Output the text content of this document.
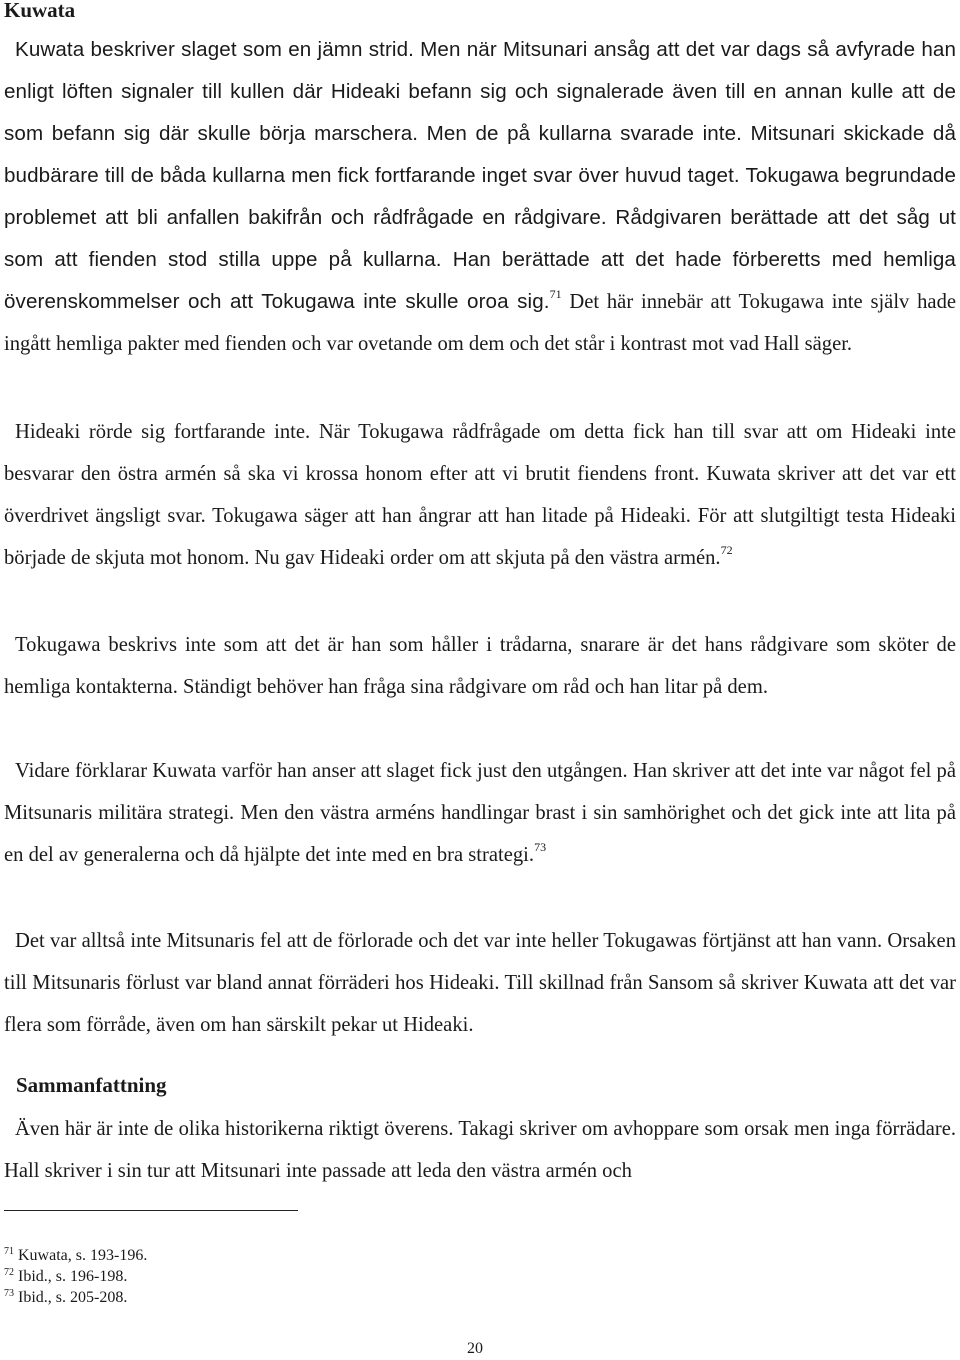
Kuwata

Kuwata beskriver slaget som en jämn strid. Men när Mitsunari ansåg att det var dags så avfyrade han enligt löften signaler till kullen där Hideaki befann sig och signalerade även till en annan kulle att de som befann sig där skulle börja marschera. Men de på kullarna svarade inte. Mitsunari skickade då budbärare till de båda kullarna men fick fortfarande inget svar över huvud taget. Tokugawa begrundade problemet att bli anfallen bakifrån och rådfrågade en rådgivare. Rådgivaren berättade att det såg ut som att fienden stod stilla uppe på kullarna. Han berättade att det hade förberetts med hemliga överenskommelser och att Tokugawa inte skulle oroa sig.$^{71}$ Det här innebär att Tokugawa inte själv hade ingått hemliga pakter med fienden och var ovetande om dem och det står i kontrast mot vad Hall säger.

Hideaki rörde sig fortfarande inte. När Tokugawa rådfrågade om detta fick han till svar att om Hideaki inte besvarar den östra armén så ska vi krossa honom efter att vi brutit fiendens front. Kuwata skriver att det var ett överdrivet ängsligt svar. Tokugawa säger att han ångrar att han litade på Hideaki. För att slutgiltigt testa Hideaki började de skjuta mot honom. Nu gav Hideaki order om att skjuta på den västra armén.$^{72}$

Tokugawa beskrivs inte som att det är han som håller i trådarna, snarare är det hans rådgivare som sköter de hemliga kontakterna. Ständigt behöver han fråga sina rådgivare om råd och han litar på dem.

Vidare förklarar Kuwata varför han anser att slaget fick just den utgången. Han skriver att det inte var något fel på Mitsunaris militära strategi. Men den västra arméns handlingar brast i sin samhörighet och det gick inte att lita på en del av generalerna och då hjälpte det inte med en bra strategi.$^{73}$

Det var alltså inte Mitsunaris fel att de förlorade och det var inte heller Tokugawas förtjänst att han vann. Orsaken till Mitsunaris förlust var bland annat förräderi hos Hideaki. Till skillnad från Sansom så skriver Kuwata att det var flera som förråde, även om han särskilt pekar ut Hideaki.

Sammanfattning

Även här är inte de olika historikerna riktigt överens. Takagi skriver om avhoppare som orsak men inga förrädare. Hall skriver i sin tur att Mitsunari inte passade att leda den västra armén och

$^{71}$ Kuwata, s. 193-196.
$^{72}$ Ibid., s. 196-198.
$^{73}$ Ibid., s. 205-208.
20
